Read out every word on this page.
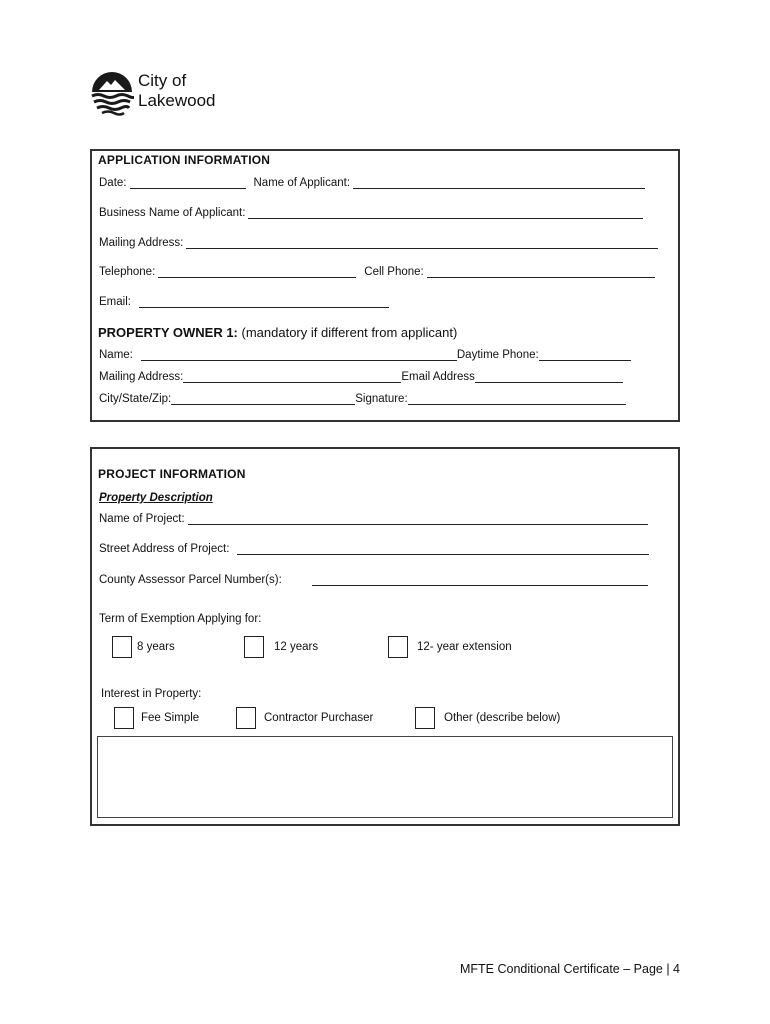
City of
Lakewood
APPLICATION INFORMATION
Date:	Name of Applicant:
Business Name of Applicant:
Mailing Address:
Telephone:	Cell Phone:
Email:
PROPERTY OWNER 1: (mandatory if different from applicant)
Name:	Daytime Phone:
Mailing Address:	Email Address
City/State/Zip:	Signature:
PROJECT INFORMATION
Property Description
Name of Project:
Street Address of Project:
County Assessor Parcel Number(s):
Term of Exemption Applying for:
8 years	12 years	12- year extension
Interest in Property:
Fee Simple	Contractor Purchaser	Other (describe below)
MFTE Conditional Certificate – Page | 4
